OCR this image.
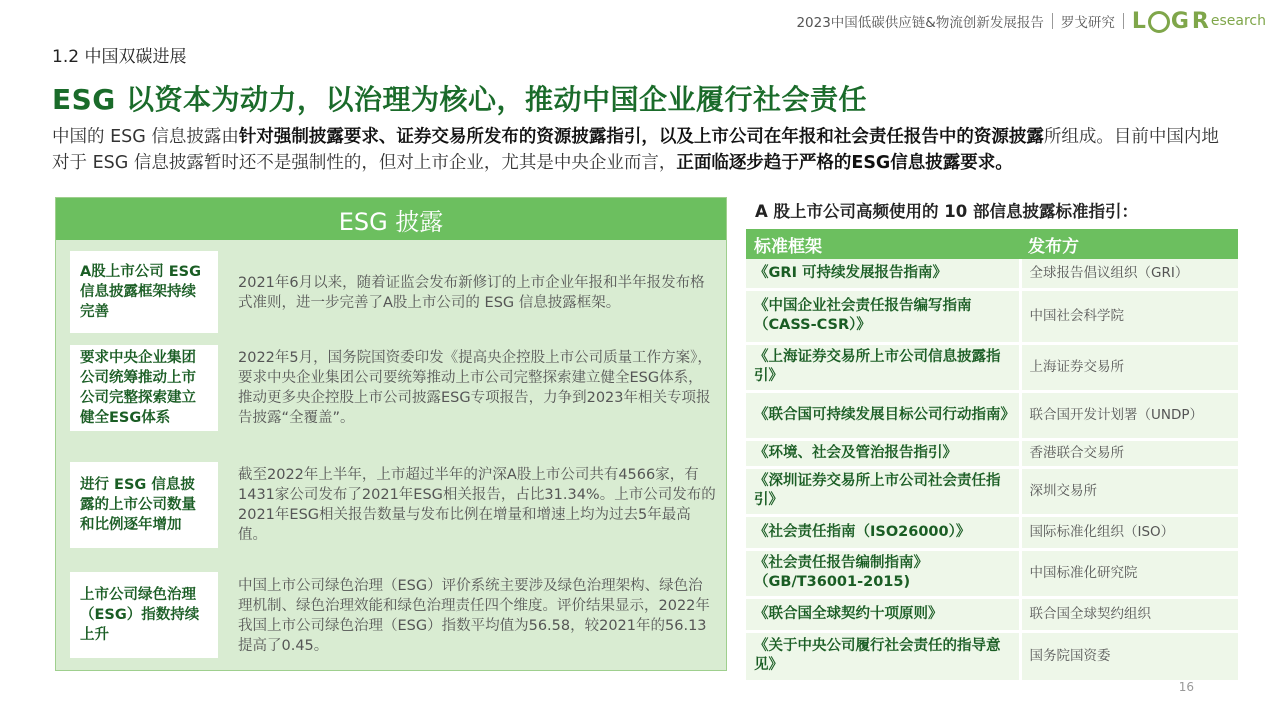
2023中国低碳供应链&物流创新发展报告 罗戈研究 L G R esearch
1.2 中国双碳进展
ESG 以资本为动力，以治理为核心，推动中国企业履行社会责任
中国的 ESG 信息披露由针对强制披露要求、证券交易所发布的资源披露指引，以及上市公司在年报和社会责任报告中的资源披露所组成。目前中国内地对于 ESG 信息披露暂时还不是强制性的，但对上市企业，尤其是中央企业而言，正面临逐步趋于严格的ESG信息披露要求。
ESG 披露
A股上市公司 ESG 信息披露框架持续完善
2021年6月以来，随着证监会发布新修订的上市企业年报和半年报发布格式准则，进一步完善了A股上市公司的 ESG 信息披露框架。
要求中央企业集团公司统筹推动上市公司完整探索建立健全ESG体系
2022年5月，国务院国资委印发《提高央企控股上市公司质量工作方案》，要求中央企业集团公司要统筹推动上市公司完整探索建立健全ESG体系，推动更多央企控股上市公司披露ESG专项报告，力争到2023年相关专项报告披露“全覆盖”。
进行 ESG 信息披露的上市公司数量和比例逐年增加
截至2022年上半年，上市超过半年的沪深A股上市公司共有4566家，有1431家公司发布了2021年ESG相关报告，占比31.34%。上市公司发布的2021年ESG相关报告数量与发布比例在增量和增速上均为过去5年最高值。
上市公司绿色治理（ESG）指数持续上升
中国上市公司绿色治理（ESG）评价系统主要涉及绿色治理架构、绿色治理机制、绿色治理效能和绿色治理责任四个维度。评价结果显示，2022年我国上市公司绿色治理（ESG）指数平均值为56.58，较2021年的56.13提高了0.45。
A 股上市公司高频使用的 10 部信息披露标准指引：
标准框架	发布方
《GRI 可持续发展报告指南》	全球报告倡议组织（GRI）
《中国企业社会责任报告编写指南（CASS-CSR）》	中国社会科学院
《上海证券交易所上市公司信息披露指引》	上海证券交易所
《联合国可持续发展目标公司行动指南》	联合国开发计划署（UNDP）
《环境、社会及管治报告指引》	香港联合交易所
《深圳证券交易所上市公司社会责任指引》	深圳交易所
《社会责任指南（ISO26000）》	国际标准化组织（ISO）
《社会责任报告编制指南》（GB/T36001-2015)	中国标准化研究院
《联合国全球契约十项原则》	联合国全球契约组织
《关于中央公司履行社会责任的指导意见》	国务院国资委
16
